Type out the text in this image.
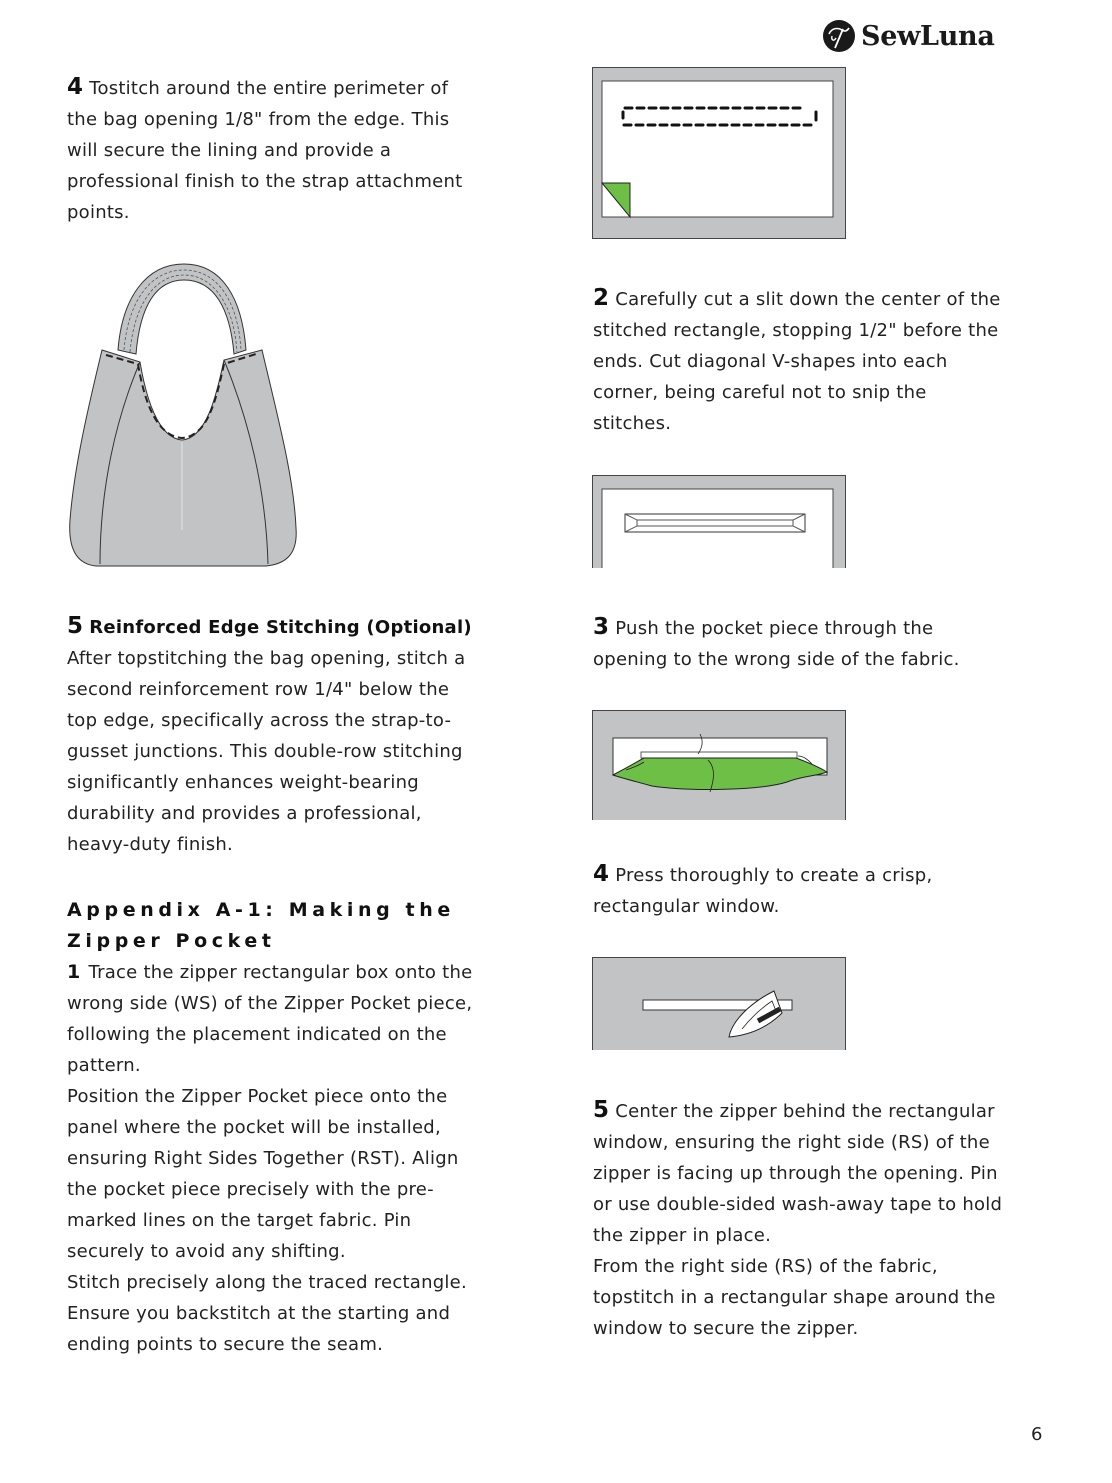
SewLuna

4 Tostitch around the entire perimeter of

the bag opening 1/8" from the edge. This

will secure the lining and provide a

professional finish to the strap attachment

points.

5 Reinforced Edge Stitching (Optional)

After topstitching the bag opening, stitch a

second reinforcement row 1/4" below the

top edge, specifically across the strap-to-

gusset junctions. This double-row stitching

significantly enhances weight-bearing

durability and provides a professional,

heavy-duty finish.

Appendix A-1: Making the

Zipper Pocket

1 Trace the zipper rectangular box onto the

wrong side (WS) of the Zipper Pocket piece,

following the placement indicated on the

pattern.

Position the Zipper Pocket piece onto the

panel where the pocket will be installed,

ensuring Right Sides Together (RST). Align

the pocket piece precisely with the pre-

marked lines on the target fabric. Pin

securely to avoid any shifting.

Stitch precisely along the traced rectangle.

Ensure you backstitch at the starting and

ending points to secure the seam.

2 Carefully cut a slit down the center of the

stitched rectangle, stopping 1/2" before the

ends. Cut diagonal V-shapes into each

corner, being careful not to snip the

stitches.

3 Push the pocket piece through the

opening to the wrong side of the fabric.

4 Press thoroughly to create a crisp,

rectangular window.

5 Center the zipper behind the rectangular

window, ensuring the right side (RS) of the

zipper is facing up through the opening. Pin

or use double-sided wash-away tape to hold

the zipper in place.

From the right side (RS) of the fabric,

topstitch in a rectangular shape around the

window to secure the zipper.

6
